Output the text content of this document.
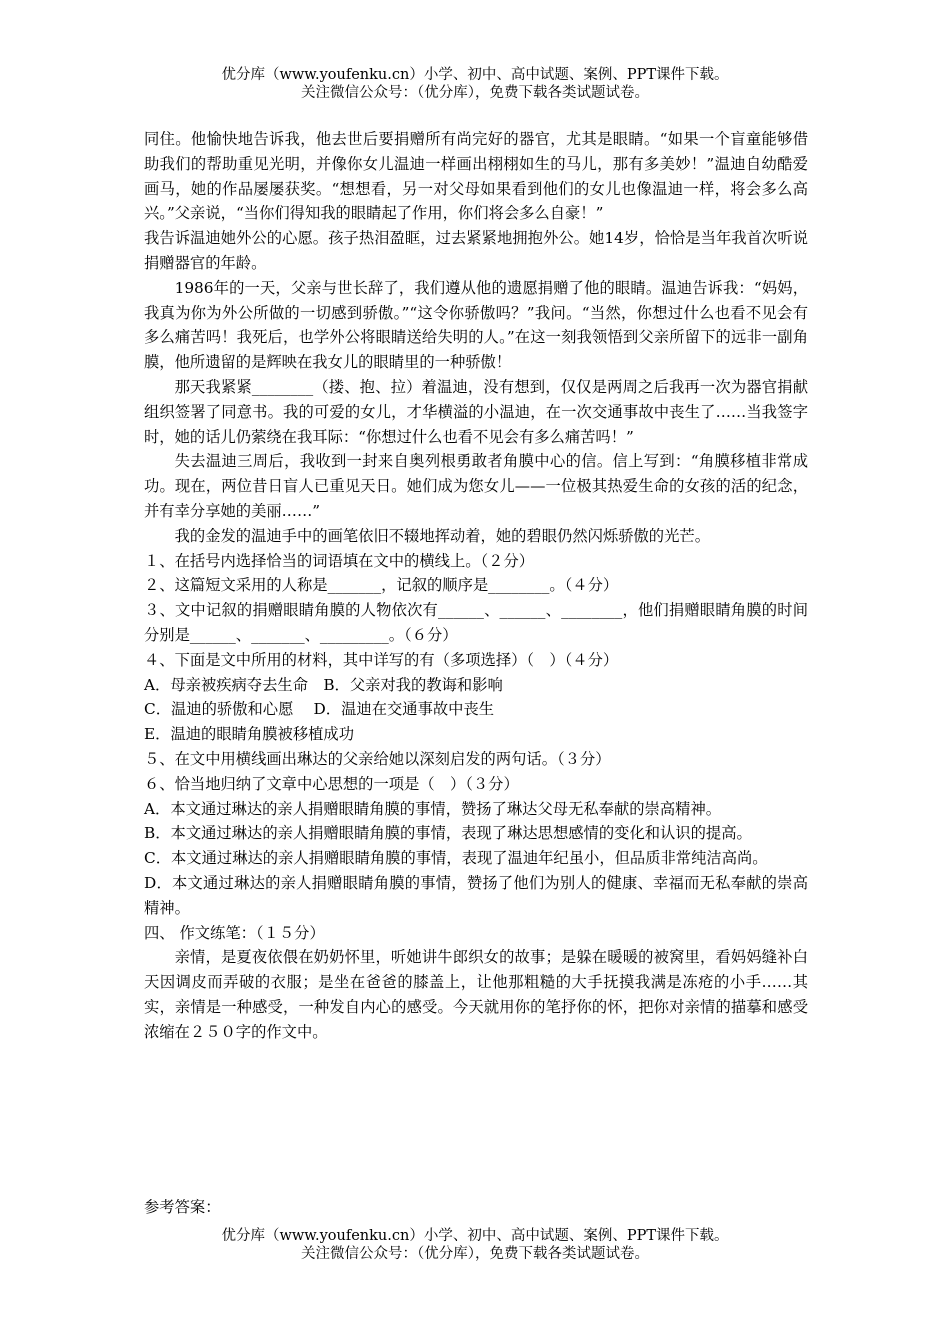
优分库（www.youfenku.cn）小学、初中、高中试题、案例、PPT课件下载。
关注微信公众号：（优分库），免费下载各类试题试卷。

同住。他愉快地告诉我，他去世后要捐赠所有尚完好的器官，尤其是眼睛。“如果一个盲童能够借助我们的帮助重见光明，并像你女儿温迪一样画出栩栩如生的马儿，那有多美妙！”温迪自幼酷爱画马，她的作品屡屡获奖。“想想看，另一对父母如果看到他们的女儿也像温迪一样，将会多么高兴。”父亲说，“当你们得知我的眼睛起了作用，你们将会多么自豪！”

我告诉温迪她外公的心愿。孩子热泪盈眶，过去紧紧地拥抱外公。她14岁，恰恰是当年我首次听说捐赠器官的年龄。

1986年的一天，父亲与世长辞了，我们遵从他的遗愿捐赠了他的眼睛。温迪告诉我：“妈妈，我真为你为外公所做的一切感到骄傲。”“这令你骄傲吗？”我问。“当然，你想过什么也看不见会有多么痛苦吗！我死后，也学外公将眼睛送给失明的人。”在这一刻我领悟到父亲所留下的远非一副角膜，他所遗留的是辉映在我女儿的眼睛里的一种骄傲！

那天我紧紧________（搂、抱、拉）着温迪，没有想到，仅仅是两周之后我再一次为器官捐献组织签署了同意书。我的可爱的女儿，才华横溢的小温迪，在一次交通事故中丧生了……当我签字时，她的话儿仍萦绕在我耳际：“你想过什么也看不见会有多么痛苦吗！”

失去温迪三周后，我收到一封来自奥列根勇敢者角膜中心的信。信上写到：“角膜移植非常成功。现在，两位昔日盲人已重见天日。她们成为您女儿——一位极其热爱生命的女孩的活的纪念，并有幸分享她的美丽……”

我的金发的温迪手中的画笔依旧不辍地挥动着，她的碧眼仍然闪烁骄傲的光芒。

１、在括号内选择恰当的词语填在文中的横线上。（２分）

２、这篇短文采用的人称是_______，记叙的顺序是________。（４分）

３、文中记叙的捐赠眼睛角膜的人物依次有______、______、________，他们捐赠眼睛角膜的时间分别是______、_______、_________。（６分）

４、下面是文中所用的材料，其中详写的有（多项选择）（　）（４分）

A．母亲被疾病夺去生命　B．父亲对我的教诲和影响

C．温迪的骄傲和心愿　 D．温迪在交通事故中丧生

E．温迪的眼睛角膜被移植成功

５、在文中用横线画出琳达的父亲给她以深刻启发的两句话。（３分）

６、恰当地归纳了文章中心思想的一项是（　）（３分）

A．本文通过琳达的亲人捐赠眼睛角膜的事情，赞扬了琳达父母无私奉献的崇高精神。

B．本文通过琳达的亲人捐赠眼睛角膜的事情，表现了琳达思想感情的变化和认识的提高。

C．本文通过琳达的亲人捐赠眼睛角膜的事情，表现了温迪年纪虽小，但品质非常纯洁高尚。

D．本文通过琳达的亲人捐赠眼睛角膜的事情，赞扬了他们为别人的健康、幸福而无私奉献的崇高精神。

四、 作文练笔：（１５分）

亲情，是夏夜依偎在奶奶怀里，听她讲牛郎织女的故事；是躲在暖暖的被窝里，看妈妈缝补白天因调皮而弄破的衣服；是坐在爸爸的膝盖上，让他那粗糙的大手抚摸我满是冻疮的小手……其实，亲情是一种感受，一种发自内心的感受。今天就用你的笔抒你的怀，把你对亲情的描摹和感受浓缩在２５０字的作文中。

参考答案：
优分库（www.youfenku.cn）小学、初中、高中试题、案例、PPT课件下载。
关注微信公众号：（优分库），免费下载各类试题试卷。
